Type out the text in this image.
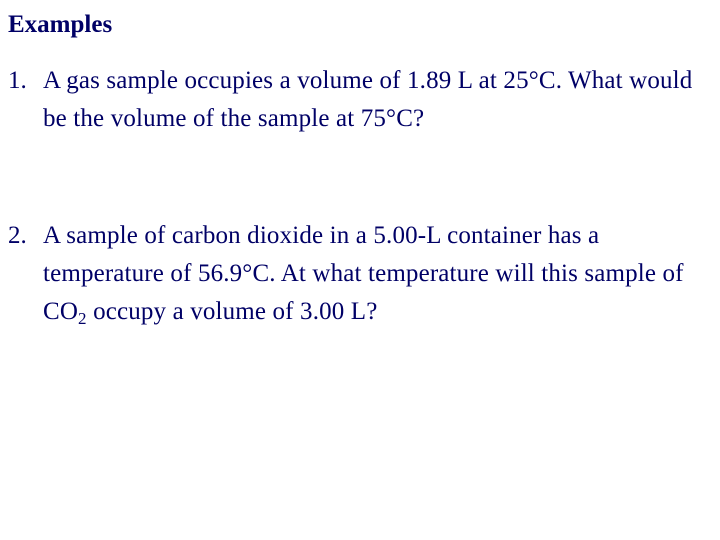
Examples
1. A gas sample occupies a volume of 1.89 L at 25°C. What would be the volume of the sample at 75°C?
2. A sample of carbon dioxide in a 5.00-L container has a temperature of 56.9°C. At what temperature will this sample of $CO_2$ occupy a volume of 3.00 L?
